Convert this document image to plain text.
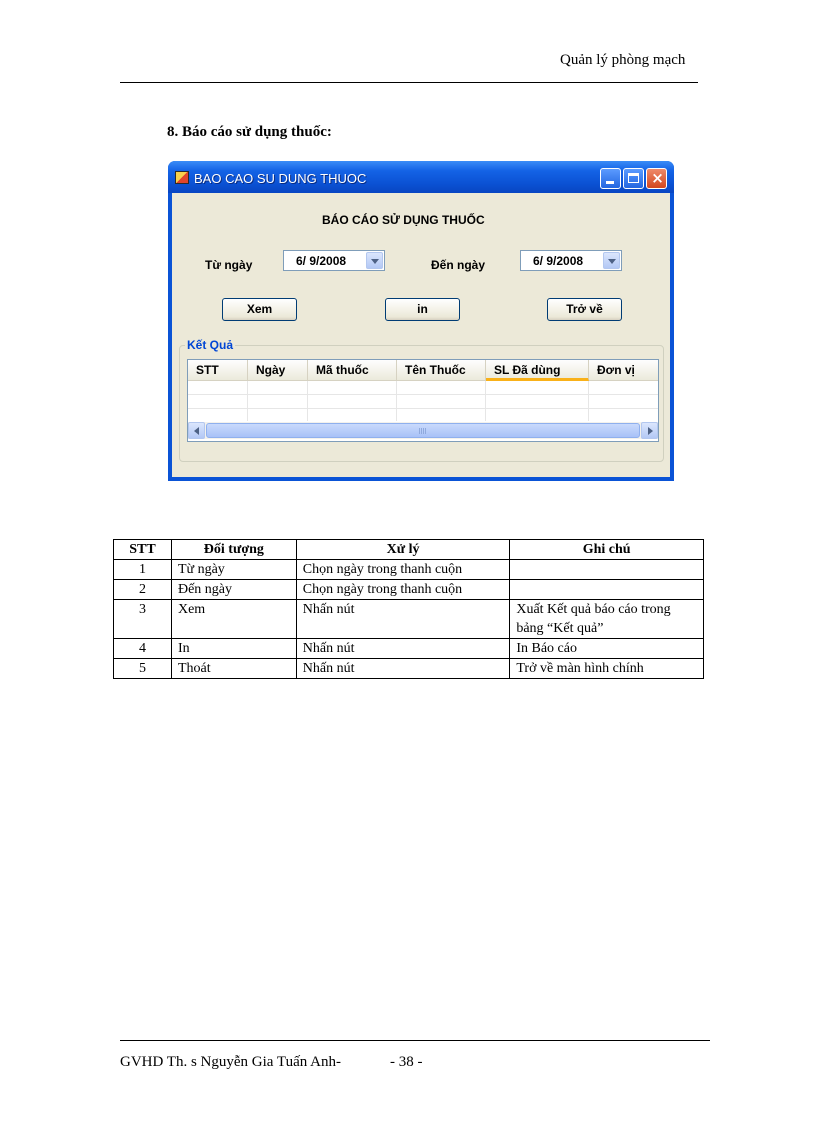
Quản lý phòng mạch
8. Báo cáo sử dụng thuốc:
BAO CAO SU DUNG THUOC	×
BÁO CÁO SỬ DỤNG THUỐC
Từ ngày	6/ 9/2008	Đến ngày	6/ 9/2008
Xem	in	Trở về
Kết Quả
STT	Ngày	Mã thuốc	Tên Thuốc	SL Đã dùng	Đơn vị
STT	Đối tượng	Xử lý	Ghi chú
1	Từ ngày	Chọn ngày trong thanh cuộn	
2	Đến ngày	Chọn ngày trong thanh cuộn	
3	Xem	Nhấn nút	Xuất Kết quả báo cáo trong bảng “Kết quả”
4	In	Nhấn nút	In Báo cáo
5	Thoát	Nhấn nút	Trở về màn hình chính
GVHD Th. s Nguyễn Gia Tuấn Anh-	- 38 -
